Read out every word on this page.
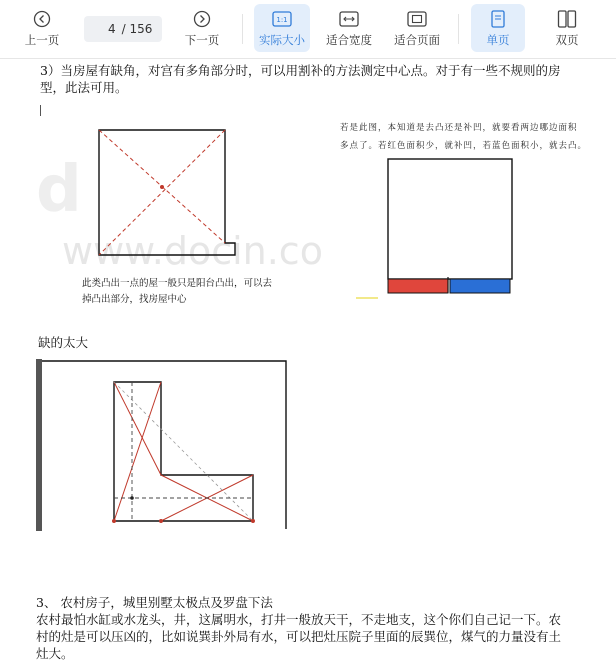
上一页
4
/ 156
下一页
1:1
实际大小 适合宽度 适合页面	单页	双页
d
www.docin.co
3）当房屋有缺角，对宫有多角部分时，可以用割补的方法测定中心点。对于有一些不规则的房
型，此法可用。
此类凸出一点的屋一般只是阳台凸出，可以去
掉凸出部分，找房屋中心
若是此图，本知道是去凸还是补凹，就要看两边哪边面积
多点了。若红色面积少，就补凹，若蓝色面积小，就去凸。
缺的太大
3、 农村房子，城里别墅太极点及罗盘下法
农村最怕水缸或水龙头，井，这属明水，打井一般放天干，不走地支，这个你们自己记一下。农
村的灶是可以压凶的，比如说巽卦外局有水，可以把灶压院子里面的辰巽位，煤气的力量没有土
灶大。
